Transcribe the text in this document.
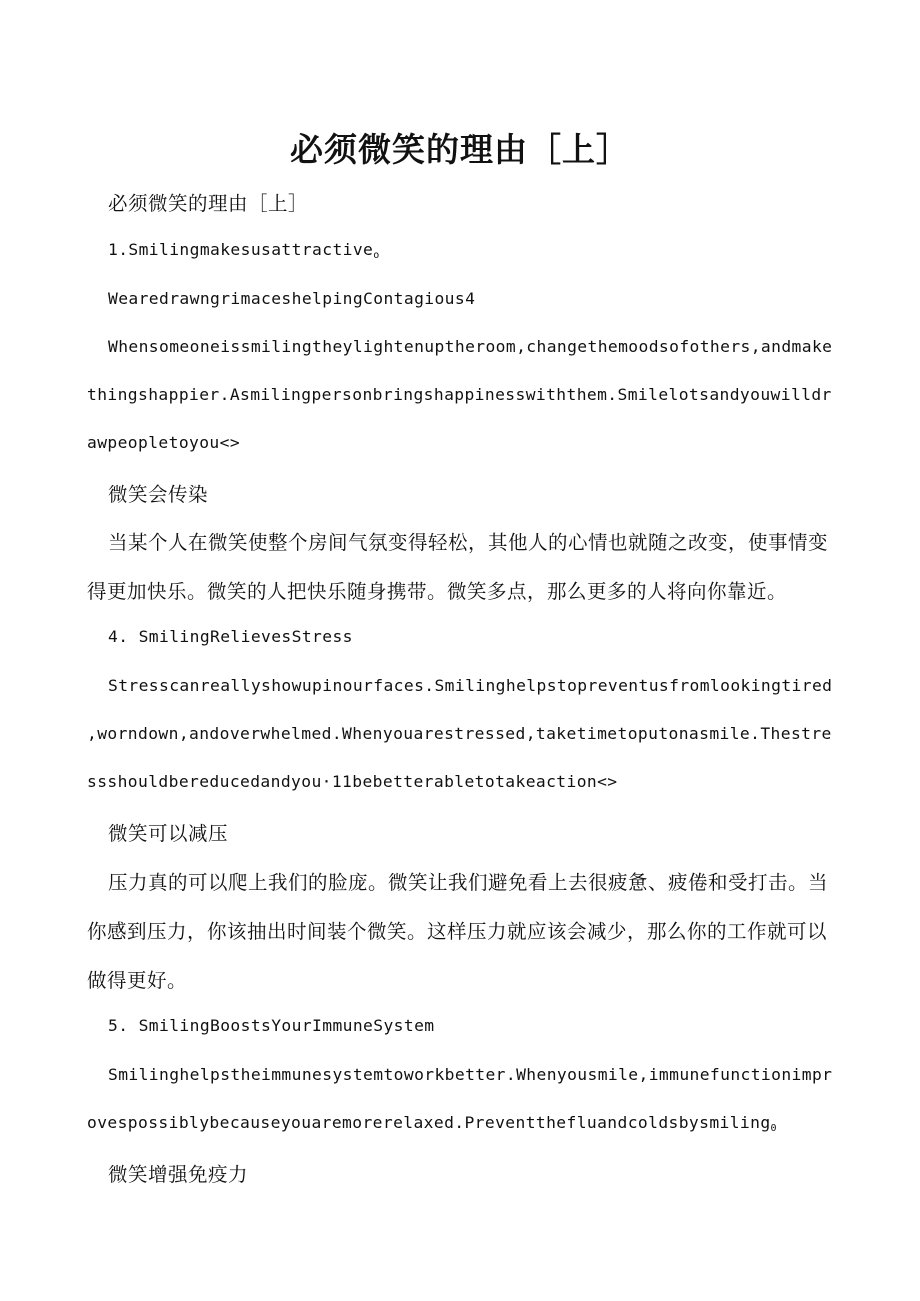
必须微笑的理由［上］

必须微笑的理由［上］

1.Smilingmakesusattractive$_o$

WearedrawngrimaceshelpingContagious4

Whensomeoneissmilingtheylightenuptheroom,changethemoodsofothers,andmake

thingshappier.Asmilingpersonbringshappinesswiththem.Smilelotsandyouwilldr

awpeopletoyou<>

微笑会传染

当某个人在微笑使整个房间气氛变得轻松，其他人的心情也就随之改变，使事情变

得更加快乐。微笑的人把快乐随身携带。微笑多点，那么更多的人将向你靠近。

4. SmilingRelievesStress

Stresscanreallyshowupinourfaces.Smilinghelpstopreventusfromlookingtired

,worndown,andoverwhelmed.Whenyouarestressed,taketimetoputonasmile.Thestre

ssshouldbereducedandyou·11bebetterabletotakeaction<>

微笑可以减压

压力真的可以爬上我们的脸庞。微笑让我们避免看上去很疲惫、疲倦和受打击。当

你感到压力，你该抽出时间装个微笑。这样压力就应该会减少，那么你的工作就可以

做得更好。

5. SmilingBoostsYourImmuneSystem

Smilinghelpstheimmunesystemtoworkbetter.Whenyousmile,immunefunctionimpr

ovespossiblybecauseyouaremorerelaxed.Preventthefluandcoldsbysmiling$_0$

微笑增强免疫力
